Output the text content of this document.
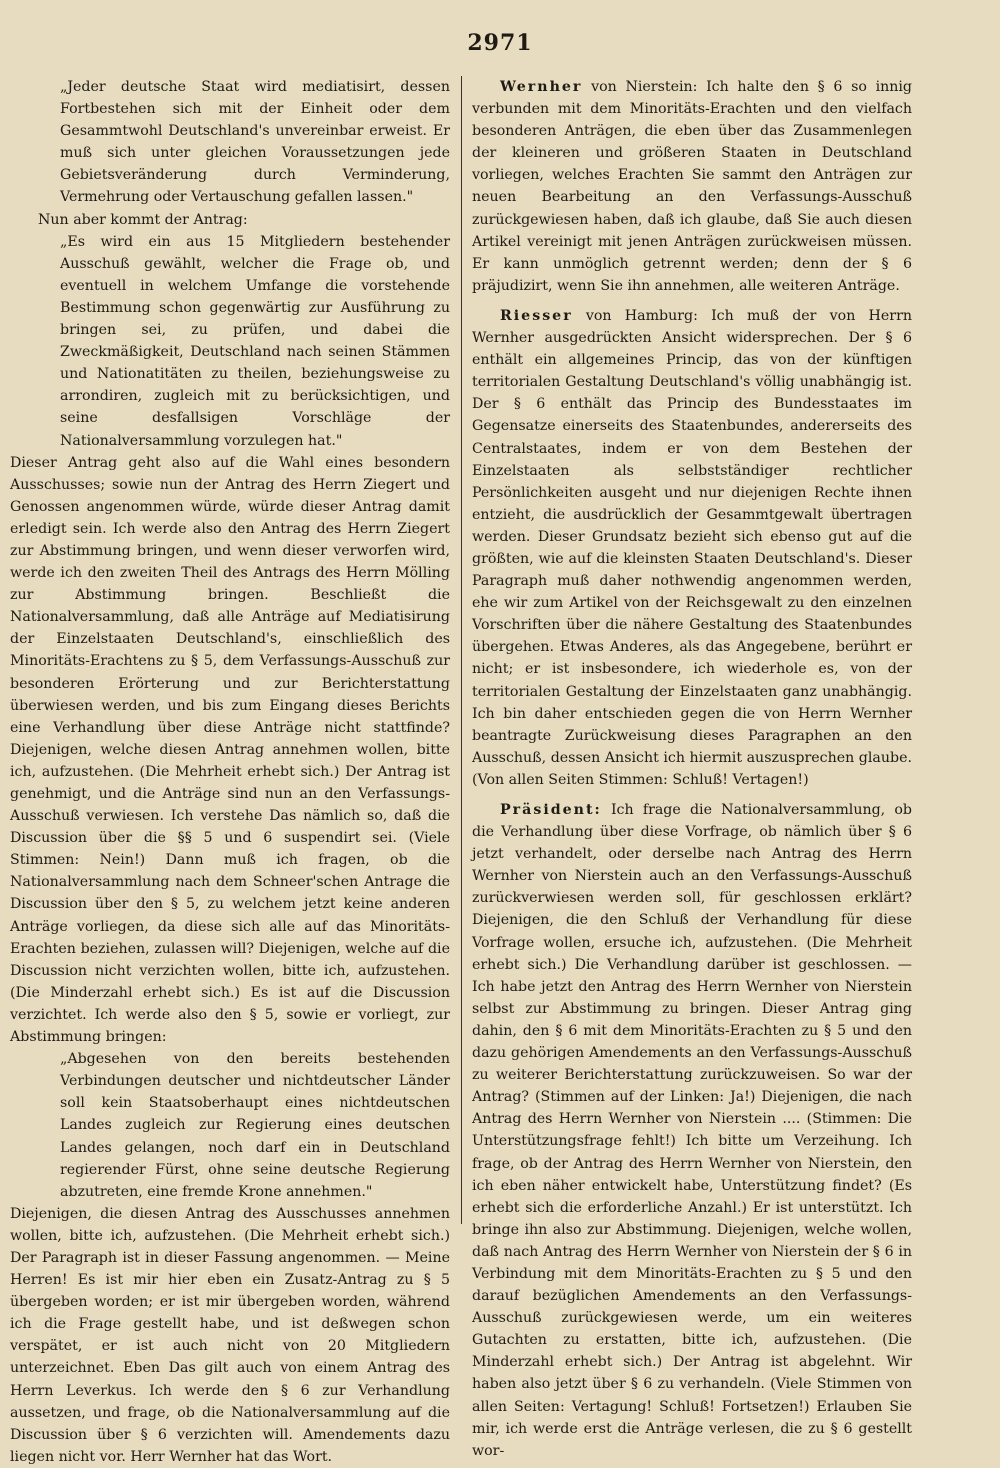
2971

„Jeder deutsche Staat wird mediatisirt, dessen Fortbestehen sich mit der Einheit oder dem Gesammtwohl Deutschland's unvereinbar erweist. Er muß sich unter gleichen Voraussetzungen jede Gebietsveränderung durch Verminderung, Vermehrung oder Vertauschung gefallen lassen."

Nun aber kommt der Antrag:

„Es wird ein aus 15 Mitgliedern bestehender Ausschuß gewählt, welcher die Frage ob, und eventuell in welchem Umfange die vorstehende Bestimmung schon gegenwärtig zur Ausführung zu bringen sei, zu prüfen, und dabei die Zweckmäßigkeit, Deutschland nach seinen Stämmen und Nationatitäten zu theilen, beziehungsweise zu arrondiren, zugleich mit zu berücksichtigen, und seine desfallsigen Vorschläge der Nationalversammlung vorzulegen hat."

Dieser Antrag geht also auf die Wahl eines besondern Ausschusses; sowie nun der Antrag des Herrn Ziegert und Genossen angenommen würde, würde dieser Antrag damit erledigt sein. Ich werde also den Antrag des Herrn Ziegert zur Abstimmung bringen, und wenn dieser verworfen wird, werde ich den zweiten Theil des Antrags des Herrn Mölling zur Abstimmung bringen. Beschließt die Nationalversammlung, daß alle Anträge auf Mediatisirung der Einzelstaaten Deutschland's, einschließlich des Minoritäts-Erachtens zu § 5, dem Verfassungs-Ausschuß zur besonderen Erörterung und zur Berichterstattung überwiesen werden, und bis zum Eingang dieses Berichts eine Verhandlung über diese Anträge nicht stattfinde? Diejenigen, welche diesen Antrag annehmen wollen, bitte ich, aufzustehen. (Die Mehrheit erhebt sich.) Der Antrag ist genehmigt, und die Anträge sind nun an den Verfassungs-Ausschuß verwiesen. Ich verstehe Das nämlich so, daß die Discussion über die §§ 5 und 6 suspendirt sei. (Viele Stimmen: Nein!) Dann muß ich fragen, ob die Nationalversammlung nach dem Schneer'schen Antrage die Discussion über den § 5, zu welchem jetzt keine anderen Anträge vorliegen, da diese sich alle auf das Minoritäts-Erachten beziehen, zulassen will? Diejenigen, welche auf die Discussion nicht verzichten wollen, bitte ich, aufzustehen. (Die Minderzahl erhebt sich.) Es ist auf die Discussion verzichtet. Ich werde also den § 5, sowie er vorliegt, zur Abstimmung bringen:

„Abgesehen von den bereits bestehenden Verbindungen deutscher und nichtdeutscher Länder soll kein Staatsoberhaupt eines nichtdeutschen Landes zugleich zur Regierung eines deutschen Landes gelangen, noch darf ein in Deutschland regierender Fürst, ohne seine deutsche Regierung abzutreten, eine fremde Krone annehmen."

Diejenigen, die diesen Antrag des Ausschusses annehmen wollen, bitte ich, aufzustehen. (Die Mehrheit erhebt sich.) Der Paragraph ist in dieser Fassung angenommen. — Meine Herren! Es ist mir hier eben ein Zusatz-Antrag zu § 5 übergeben worden; er ist mir übergeben worden, während ich die Frage gestellt habe, und ist deßwegen schon verspätet, er ist auch nicht von 20 Mitgliedern unterzeichnet. Eben Das gilt auch von einem Antrag des Herrn Leverkus. Ich werde den § 6 zur Verhandlung aussetzen, und frage, ob die Nationalversammlung auf die Discussion über § 6 verzichten will. Amendements dazu liegen nicht vor. Herr Wernher hat das Wort.

Wernher von Nierstein: Ich halte den § 6 so innig verbunden mit dem Minoritäts-Erachten und den vielfach besonderen Anträgen, die eben über das Zusammenlegen der kleineren und größeren Staaten in Deutschland vorliegen, welches Erachten Sie sammt den Anträgen zur neuen Bearbeitung an den Verfassungs-Ausschuß zurückgewiesen haben, daß ich glaube, daß Sie auch diesen Artikel vereinigt mit jenen Anträgen zurückweisen müssen. Er kann unmöglich getrennt werden; denn der § 6 präjudizirt, wenn Sie ihn annehmen, alle weiteren Anträge.

Riesser von Hamburg: Ich muß der von Herrn Wernher ausgedrückten Ansicht widersprechen. Der § 6 enthält ein allgemeines Princip, das von der künftigen territorialen Gestaltung Deutschland's völlig unabhängig ist. Der § 6 enthält das Princip des Bundesstaates im Gegensatze einerseits des Staatenbundes, andererseits des Centralstaates, indem er von dem Bestehen der Einzelstaaten als selbstständiger rechtlicher Persönlichkeiten ausgeht und nur diejenigen Rechte ihnen entzieht, die ausdrücklich der Gesammtgewalt übertragen werden. Dieser Grundsatz bezieht sich ebenso gut auf die größten, wie auf die kleinsten Staaten Deutschland's. Dieser Paragraph muß daher nothwendig angenommen werden, ehe wir zum Artikel von der Reichsgewalt zu den einzelnen Vorschriften über die nähere Gestaltung des Staatenbundes übergehen. Etwas Anderes, als das Angegebene, berührt er nicht; er ist insbesondere, ich wiederhole es, von der territorialen Gestaltung der Einzelstaaten ganz unabhängig. Ich bin daher entschieden gegen die von Herrn Wernher beantragte Zurückweisung dieses Paragraphen an den Ausschuß, dessen Ansicht ich hiermit auszusprechen glaube. (Von allen Seiten Stimmen: Schluß! Vertagen!)

Präsident: Ich frage die Nationalversammlung, ob die Verhandlung über diese Vorfrage, ob nämlich über § 6 jetzt verhandelt, oder derselbe nach Antrag des Herrn Wernher von Nierstein auch an den Verfassungs-Ausschuß zurückverwiesen werden soll, für geschlossen erklärt? Diejenigen, die den Schluß der Verhandlung für diese Vorfrage wollen, ersuche ich, aufzustehen. (Die Mehrheit erhebt sich.) Die Verhandlung darüber ist geschlossen. — Ich habe jetzt den Antrag des Herrn Wernher von Nierstein selbst zur Abstimmung zu bringen. Dieser Antrag ging dahin, den § 6 mit dem Minoritäts-Erachten zu § 5 und den dazu gehörigen Amendements an den Verfassungs-Ausschuß zu weiterer Berichterstattung zurückzuweisen. So war der Antrag? (Stimmen auf der Linken: Ja!) Diejenigen, die nach Antrag des Herrn Wernher von Nierstein .... (Stimmen: Die Unterstützungsfrage fehlt!) Ich bitte um Verzeihung. Ich frage, ob der Antrag des Herrn Wernher von Nierstein, den ich eben näher entwickelt habe, Unterstützung findet? (Es erhebt sich die erforderliche Anzahl.) Er ist unterstützt. Ich bringe ihn also zur Abstimmung. Diejenigen, welche wollen, daß nach Antrag des Herrn Wernher von Nierstein der § 6 in Verbindung mit dem Minoritäts-Erachten zu § 5 und den darauf bezüglichen Amendements an den Verfassungs-Ausschuß zurückgewiesen werde, um ein weiteres Gutachten zu erstatten, bitte ich, aufzustehen. (Die Minderzahl erhebt sich.) Der Antrag ist abgelehnt. Wir haben also jetzt über § 6 zu verhandeln. (Viele Stimmen von allen Seiten: Vertagung! Schluß! Fortsetzen!) Erlauben Sie mir, ich werde erst die Anträge verlesen, die zu § 6 gestellt wor-
